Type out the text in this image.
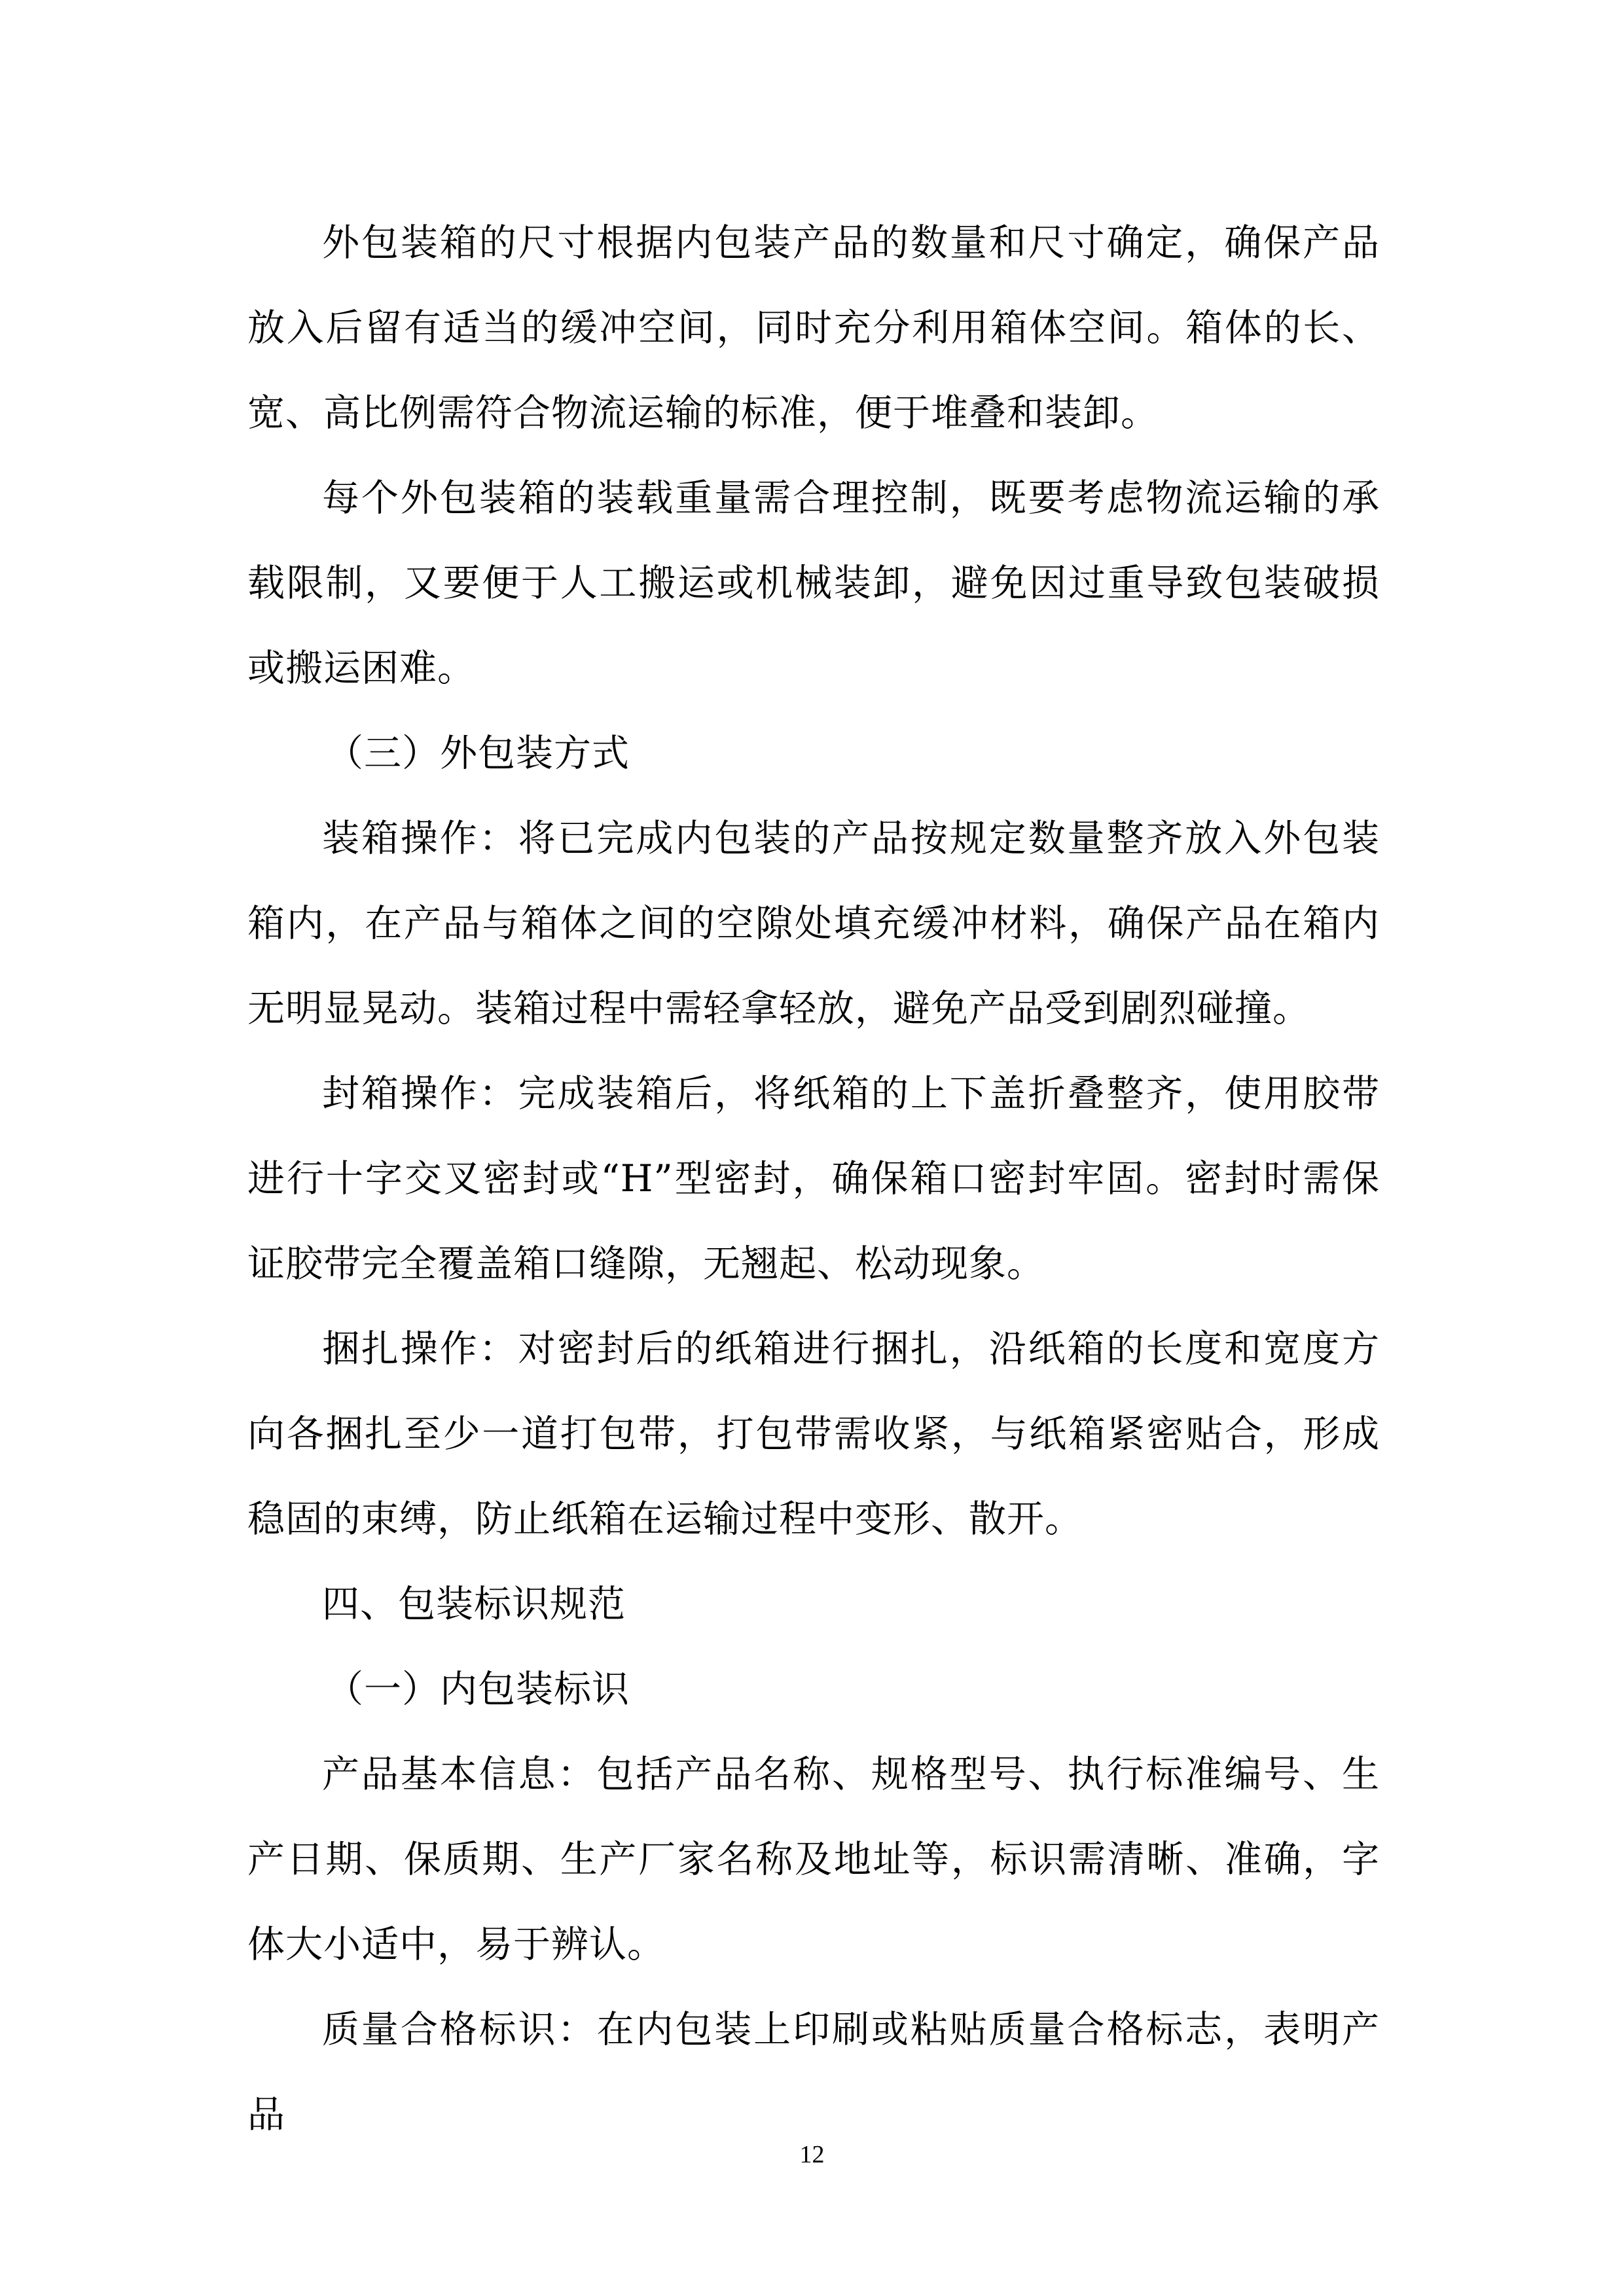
外包装箱的尺寸根据内包装产品的数量和尺寸确定，确保产品放入后留有适当的缓冲空间，同时充分利用箱体空间。箱体的长、宽、高比例需符合物流运输的标准，便于堆叠和装卸。

每个外包装箱的装载重量需合理控制，既要考虑物流运输的承载限制，又要便于人工搬运或机械装卸，避免因过重导致包装破损或搬运困难。

（三）外包装方式

装箱操作：将已完成内包装的产品按规定数量整齐放入外包装箱内，在产品与箱体之间的空隙处填充缓冲材料，确保产品在箱内无明显晃动。装箱过程中需轻拿轻放，避免产品受到剧烈碰撞。

封箱操作：完成装箱后，将纸箱的上下盖折叠整齐，使用胶带进行十字交叉密封或“H”型密封，确保箱口密封牢固。密封时需保证胶带完全覆盖箱口缝隙，无翘起、松动现象。

捆扎操作：对密封后的纸箱进行捆扎，沿纸箱的长度和宽度方向各捆扎至少一道打包带，打包带需收紧，与纸箱紧密贴合，形成稳固的束缚，防止纸箱在运输过程中变形、散开。

四、包装标识规范

（一）内包装标识

产品基本信息：包括产品名称、规格型号、执行标准编号、生产日期、保质期、生产厂家名称及地址等，标识需清晰、准确，字体大小适中，易于辨认。

质量合格标识：在内包装上印刷或粘贴质量合格标志，表明产品

12
